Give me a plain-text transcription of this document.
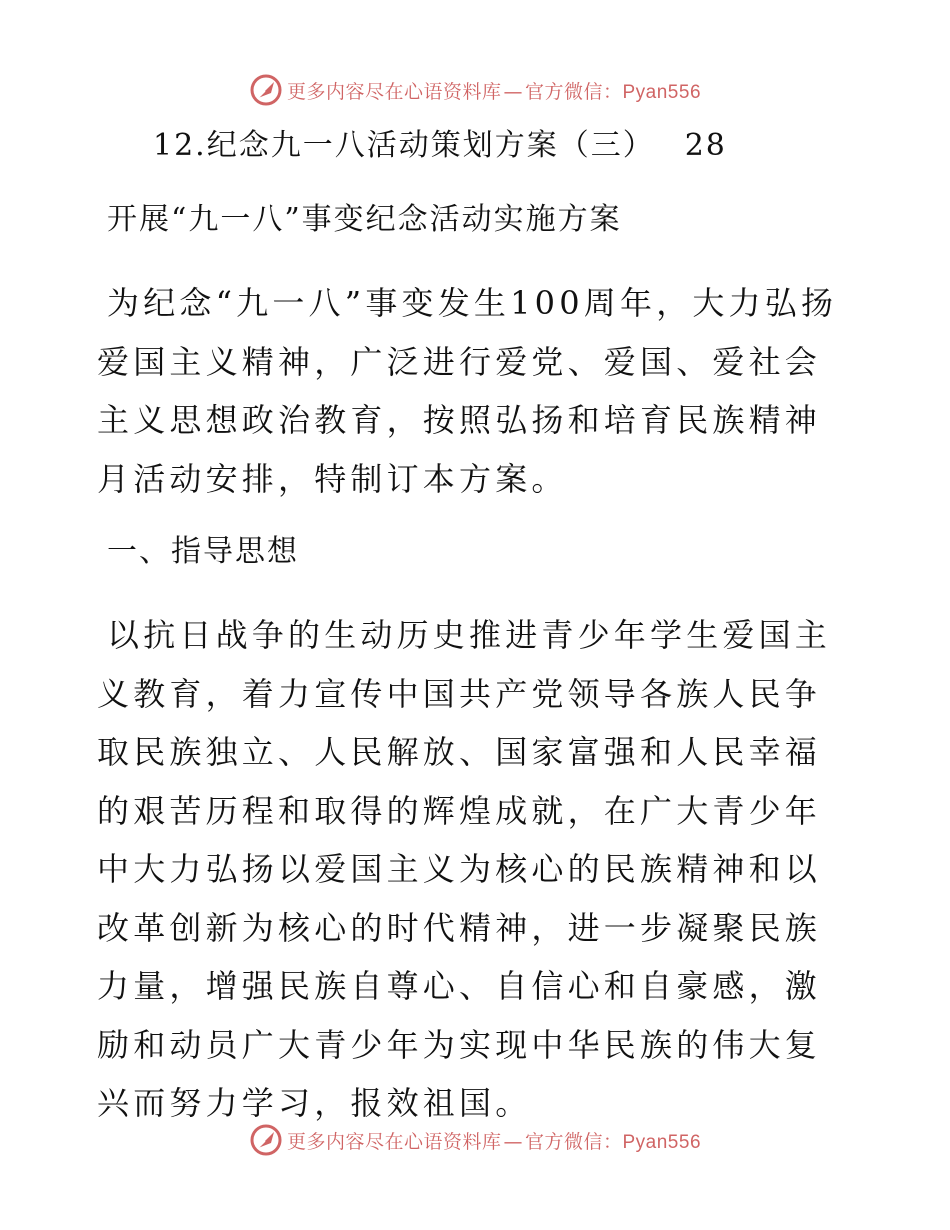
更多内容尽在心语资料库 — 官方微信：Pyan556
12.纪念九一八活动策划方案（三） 28
开展“九一八”事变纪念活动实施方案

为纪念“九一八”事变发生100周年，大力弘扬爱国主义精神，广泛进行爱党、爱国、爱社会主义思想政治教育，按照弘扬和培育民族精神月活动安排，特制订本方案。

一、指导思想

以抗日战争的生动历史推进青少年学生爱国主义教育，着力宣传中国共产党领导各族人民争取民族独立、人民解放、国家富强和人民幸福的艰苦历程和取得的辉煌成就，在广大青少年中大力弘扬以爱国主义为核心的民族精神和以改革创新为核心的时代精神，进一步凝聚民族力量，增强民族自尊心、自信心和自豪感，激励和动员广大青少年为实现中华民族的伟大复兴而努力学习，报效祖国。

更多内容尽在心语资料库 — 官方微信：Pyan556
